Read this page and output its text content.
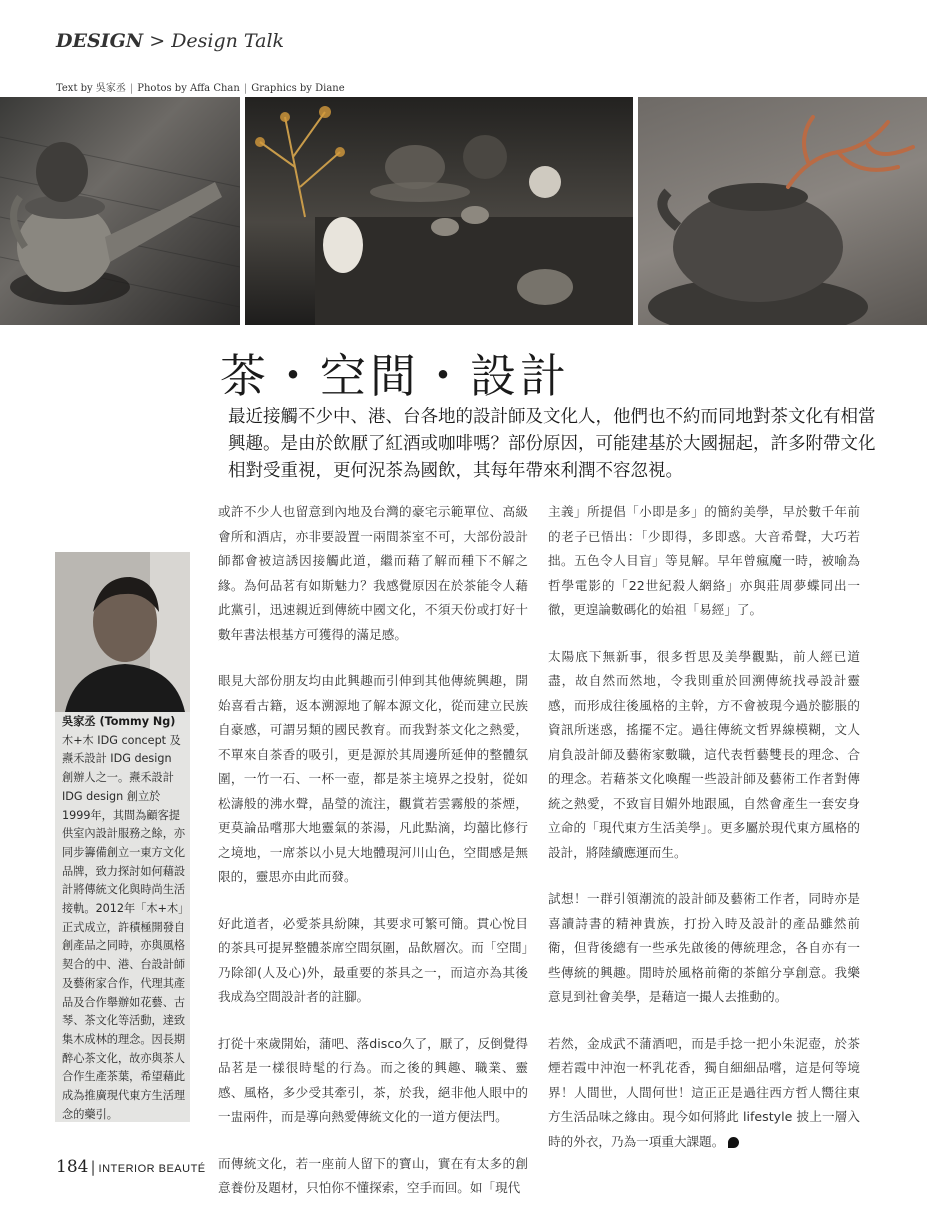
DESIGN > Design Talk
Text by 吳家丞 | Photos by Affa Chan | Graphics by Diane
茶・空間・設計
最近接觸不少中、港、台各地的設計師及文化人，他們也不約而同地對茶文化有相當興趣。是由於飲厭了紅酒或咖啡嗎？部份原因，可能建基於大國掘起，許多附帶文化相對受重視，更何況茶為國飲，其每年帶來利潤不容忽視。

或許不少人也留意到內地及台灣的豪宅示範單位、高級會所和酒店，亦非要設置一兩間茶室不可，大部份設計師都會被這誘因接觸此道，繼而藉了解而種下不解之緣。為何品茗有如斯魅力？我感覺原因在於茶能令人藉此黨引，迅速親近到傳統中國文化，不須天份或打好十數年書法根基方可獲得的滿足感。

眼見大部份朋友均由此興趣而引伸到其他傳統興趣，開始喜看古籍，返本溯源地了解本源文化，從而建立民族自豪感，可謂另類的國民教育。而我對茶文化之熱愛，不單來自茶香的吸引，更是源於其周邊所延伸的整體氛圍，一竹一石、一杯一壺，都是茶主境界之投射，從如松濤般的沸水聲，晶瑩的流注，觀賞若雲霧般的茶煙，更莫論品嚐那大地靈氣的茶湯，凡此點滴，均囍比修行之境地，一席茶以小見大地體現河川山色，空間感是無限的，靈思亦由此而發。

好此道者，必愛茶具紛陳，其要求可繁可簡。貫心悅目的茶具可提昇整體茶席空間氛圍，品飲層次。而「空間」乃除卻(人及心)外，最重要的茶具之一，而這亦為其後我成為空間設計者的註腳。

打從十來歲開始，蒲吧、落disco久了，厭了，反倒覺得品茗是一樣很時髦的行為。而之後的興趣、職業、靈感、風格，多少受其牽引，茶，於我，絕非他人眼中的一盅兩件，而是導向熱愛傳統文化的一道方便法門。

而傳統文化，若一座前人留下的寶山，實在有太多的創意養份及題材，只怕你不懂探索，空手而回。如「現代

主義」所提倡「小即是多」的簡約美學，早於數千年前的老子已悟出：「少即得，多即惑。大音希聲，大巧若拙。五色令人目盲」等見解。早年曾瘋魔一時，被喻為哲學電影的「22世紀殺人網絡」亦與莊周夢蝶同出一徹，更遑論數碼化的始祖「易經」了。

太陽底下無新事，很多哲思及美學觀點，前人經已道盡，故自然而然地，令我則重於回溯傳統找尋設計靈感，而形成往後風格的主幹，方不會被現今過於膨脹的資訊所迷惑，搖擺不定。過往傳統文哲界線模糊，文人肩負設計師及藝術家數職，這代表哲藝雙長的理念、合的理念。若藉茶文化喚醒一些設計師及藝術工作者對傳統之熱愛，不致盲目媚外地跟風，自然會產生一套安身立命的「現代東方生活美學」。更多屬於現代東方風格的設計，將陸續應運而生。

試想！一群引領潮流的設計師及藝術工作者，同時亦是喜讀詩書的精神貴族，打扮入時及設計的產品雖然前衛，但背後總有一些承先啟後的傳統理念，各自亦有一些傳統的興趣。閒時於風格前衛的茶館分享創意。我樂意見到社會美學，是藉這一撮人去推動的。

若然，金成武不蒲酒吧，而是手捻一把小朱泥壺，於茶煙若霞中沖泡一杯乳花香，獨自細細品嚐，這是何等境界！人間世，人間何世！這正正是過往西方哲人嚮往東方生活品味之緣由。現今如何將此 lifestyle 披上一層入時的外衣，乃為一項重大課題。

吳家丞 (Tommy Ng)
木+木 IDG concept 及 燾禾設計 IDG design 創辦人之一。燾禾設計 IDG design 創立於1999年，其間為顧客提供室內設計服務之餘，亦同步籌備創立一東方文化品牌，致力探討如何藉設計將傳統文化與時尚生活接軌。2012年「木+木」正式成立，許積極開發自創產品之同時，亦與風格契合的中、港、台設計師及藝術家合作，代理其產品及合作舉辦如花藝、古琴、茶文化等活動，達致集木成林的理念。因長期醉心茶文化，故亦與茶人合作生產茶葉，希望藉此成為推廣現代東方生活理念的藥引。
184 | INTERIOR BEAUTÉ
